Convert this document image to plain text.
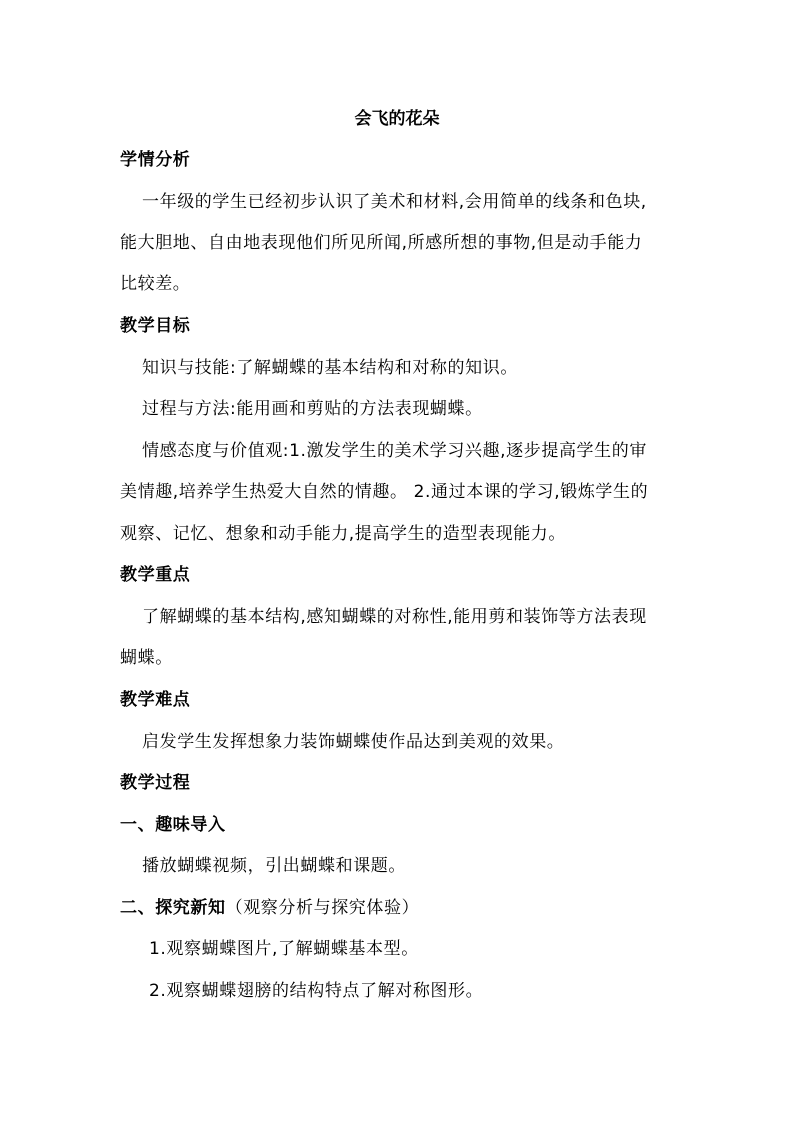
会飞的花朵
学情分析
一年级的学生已经初步认识了美术和材料,会用简单的线条和色块,
能大胆地、自由地表现他们所见所闻,所感所想的事物,但是动手能力
比较差。
教学目标
知识与技能:了解蝴蝶的基本结构和对称的知识。
过程与方法:能用画和剪贴的方法表现蝴蝶。
情感态度与价值观:1.激发学生的美术学习兴趣,逐步提高学生的审
美情趣,培养学生热爱大自然的情趣。 2.通过本课的学习,锻炼学生的
观察、记忆、想象和动手能力,提高学生的造型表现能力。
教学重点
了解蝴蝶的基本结构,感知蝴蝶的对称性,能用剪和装饰等方法表现
蝴蝶。
教学难点
启发学生发挥想象力装饰蝴蝶使作品达到美观的效果。
教学过程
一、趣味导入
播放蝴蝶视频，引出蝴蝶和课题。
二、探究新知（观察分析与探究体验）
1.观察蝴蝶图片,了解蝴蝶基本型。
2.观察蝴蝶翅膀的结构特点了解对称图形。
